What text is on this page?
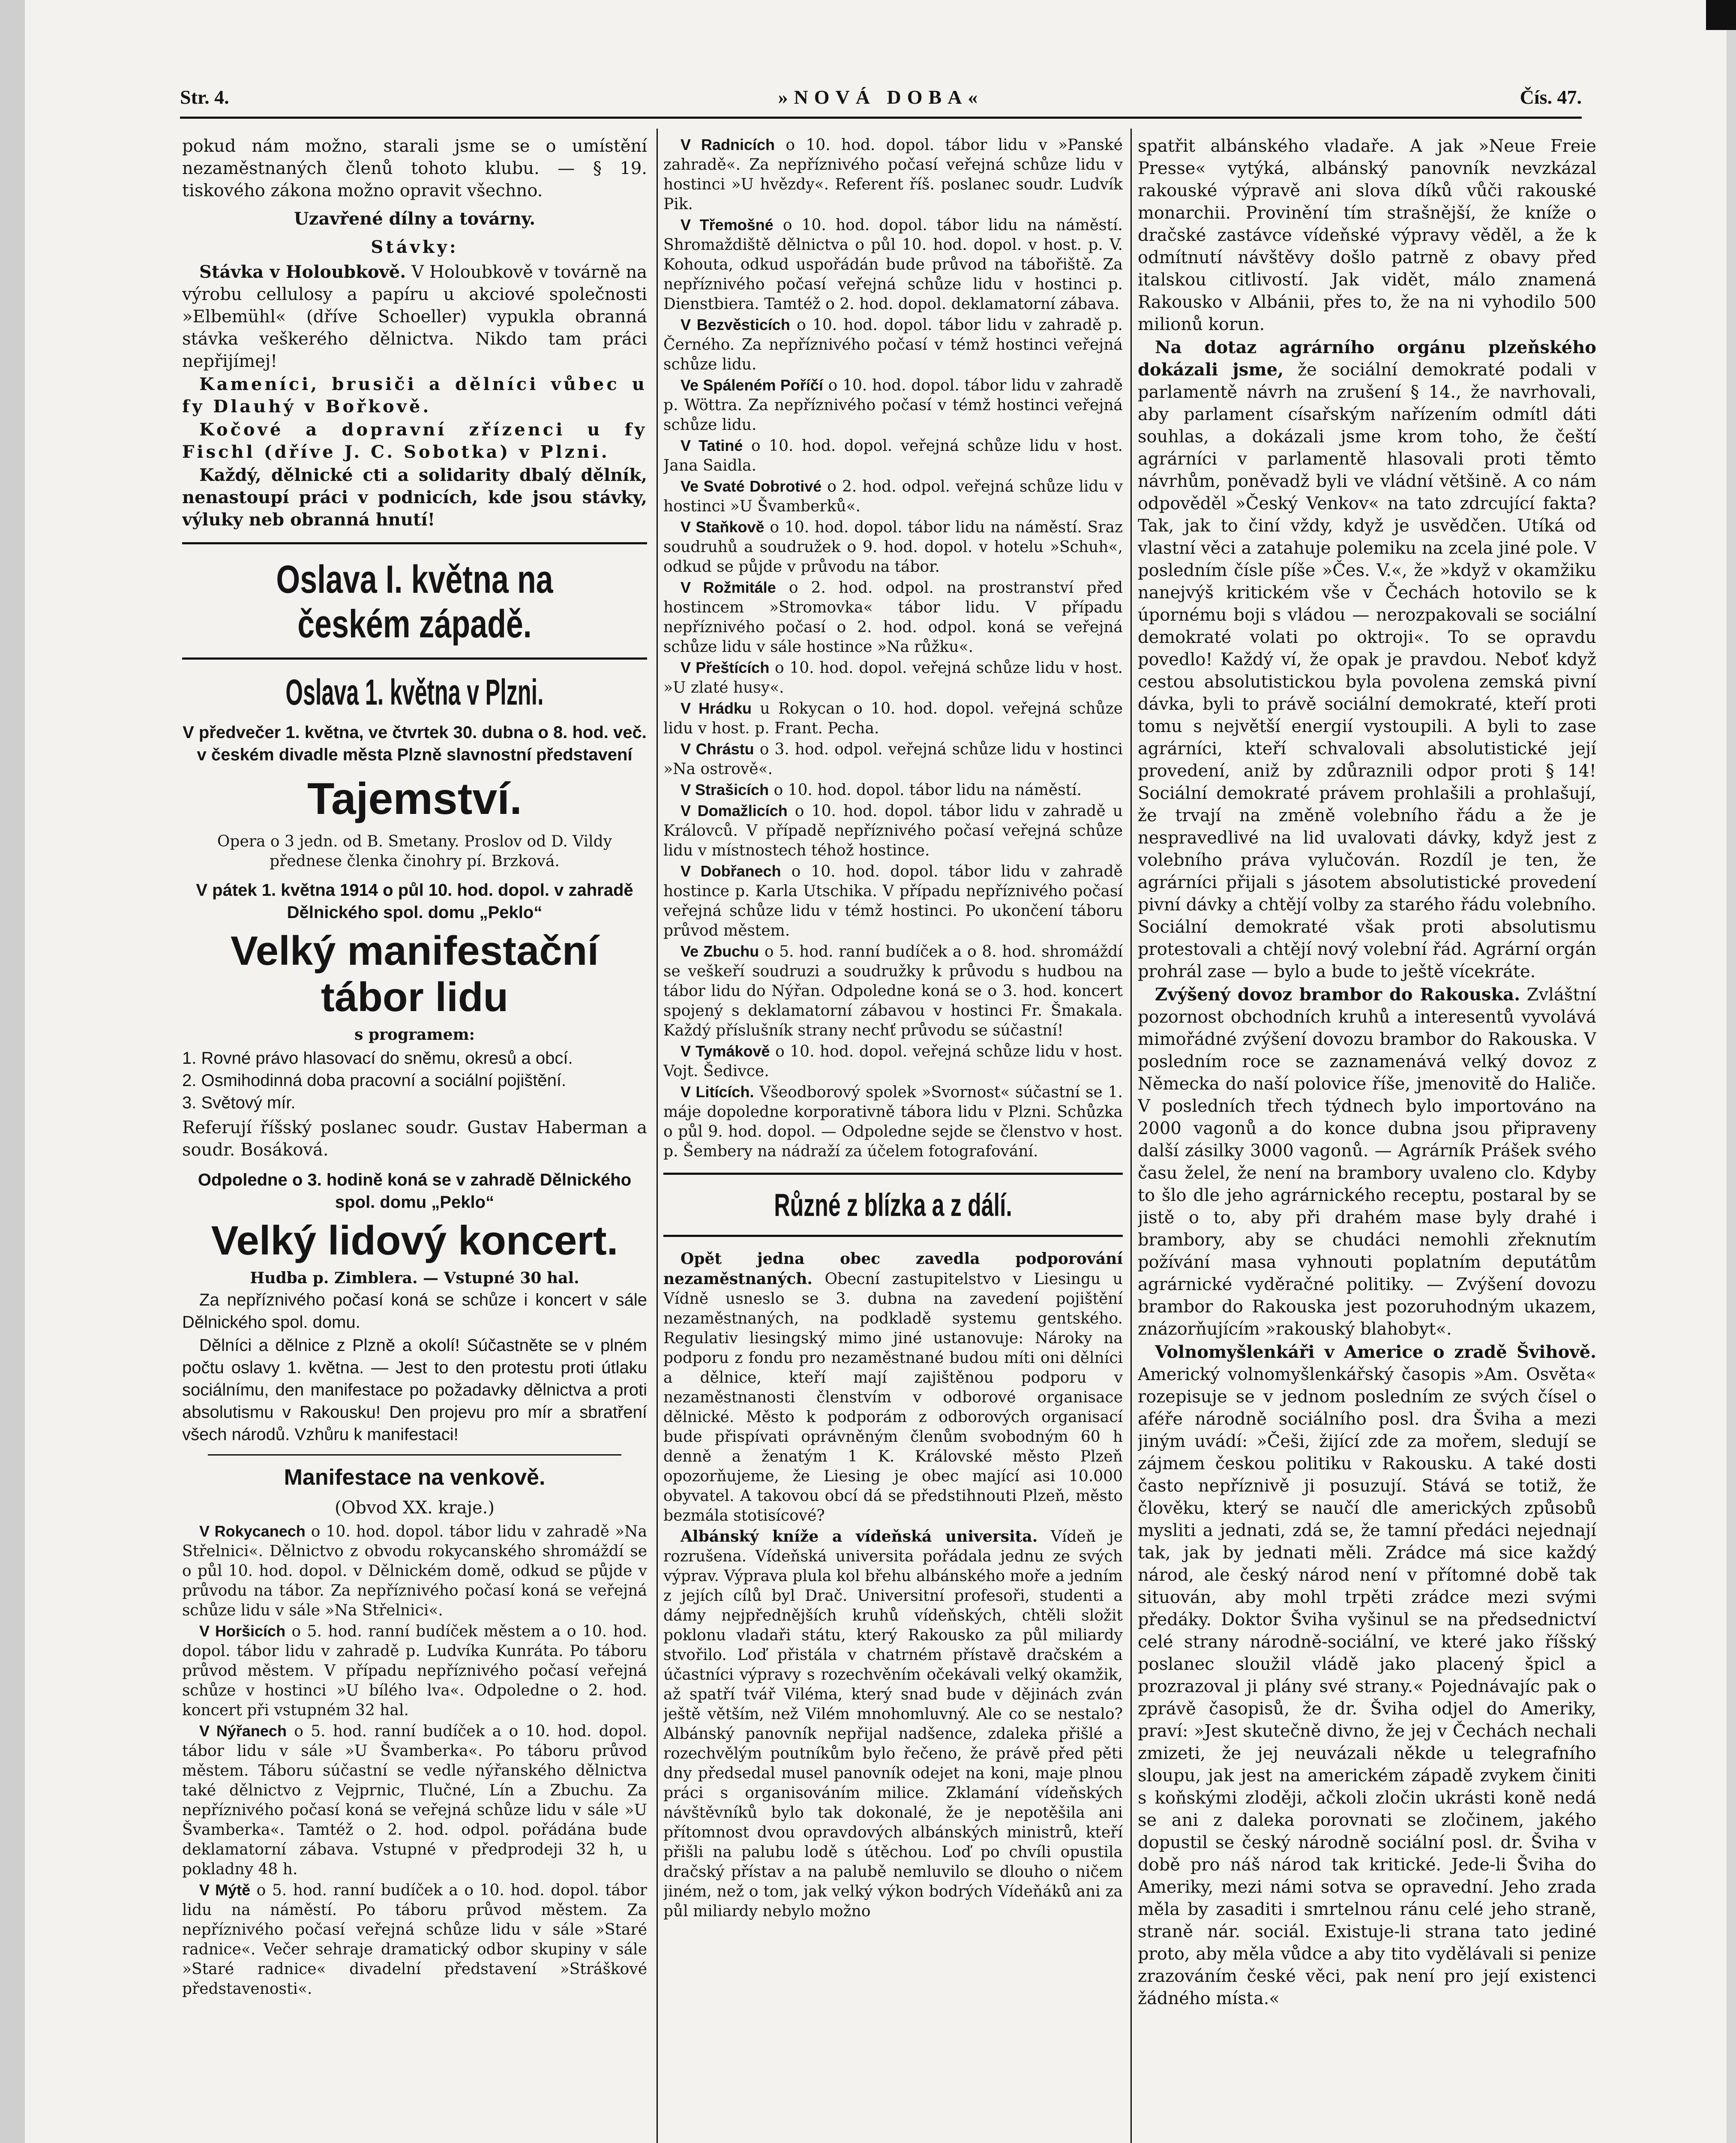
Str. 4.	»NOVÁ DOBA«	Čís. 47.

pokud nám možno, starali jsme se o umístění nezaměstnaných členů tohoto klubu. — § 19. tiskového zákona možno opravit všechno.

Uzavřené dílny a továrny.
Stávky:

Stávka v Holoubkově. V Holoubkově v továrně na výrobu cellulosy a papíru u akciové společnosti »Elbemühl« (dříve Schoeller) vypukla obranná stávka veškerého dělnictva. Nikdo tam práci nepřijímej!

Kameníci, brusiči a dělníci vůbec u fy Dlauhý v Bořkově.

Kočové a dopravní zřízenci u fy Fischl (dříve J. C. Sobotka) v Plzni.

Každý, dělnické cti a solidarity dbalý dělník, nenastoupí práci v podnicích, kde jsou stávky, výluky neb obranná hnutí!

Oslava I. května na českém západě.
Oslava 1. května v Plzni.

V předvečer 1. května, ve čtvrtek 30. dubna o 8. hod. več. v českém divadle města Plzně slavnostní představení

Tajemství.

Opera o 3 jedn. od B. Smetany. Proslov od D. Vildy přednese členka činohry pí. Brzková.

V pátek 1. května 1914 o půl 10. hod. dopol. v zahradě Dělnického spol. domu „Peklo“

Velký manifestační tábor lidu

s programem:

1. Rovné právo hlasovací do sněmu, okresů a obcí.
2. Osmihodinná doba pracovní a sociální pojištění.
3. Světový mír.

Referují říšský poslanec soudr. Gustav Haberman a soudr. Bosáková.

Odpoledne o 3. hodině koná se v zahradě Dělnického spol. domu „Peklo“

Velký lidový koncert.

Hudba p. Zimblera. — Vstupné 30 hal.

Za nepříznivého počasí koná se schůze i koncert v sále Dělnického spol. domu.

Dělníci a dělnice z Plzně a okolí! Súčastněte se v plném počtu oslavy 1. května. — Jest to den protestu proti útlaku sociálnímu, den manifestace po požadavky dělnictva a proti absolutismu v Rakousku! Den projevu pro mír a sbratření všech národů. Vzhůru k manifestaci!

Manifestace na venkově.
(Obvod XX. kraje.)

V Rokycanech o 10. hod. dopol. tábor lidu v zahradě »Na Střelnici«. Dělnictvo z obvodu rokycanského shromáždí se o půl 10. hod. dopol. v Dělnickém domě, odkud se půjde v průvodu na tábor. Za nepříznivého počasí koná se veřejná schůze lidu v sále »Na Střelnici«.

V Horšicích o 5. hod. ranní budíček městem a o 10. hod. dopol. tábor lidu v zahradě p. Ludvíka Kunráta. Po táboru průvod městem. V případu nepříznivého počasí veřejná schůze v hostinci »U bílého lva«. Odpoledne o 2. hod. koncert při vstupném 32 hal.

V Nýřanech o 5. hod. ranní budíček a o 10. hod. dopol. tábor lidu v sále »U Švamberka«. Po táboru průvod městem. Táboru súčastní se vedle nýřanského dělnictva také dělnictvo z Vejprnic, Tlučné, Lín a Zbuchu. Za nepříznivého počasí koná se veřejná schůze lidu v sále »U Švamberka«. Tamtéž o 2. hod. odpol. pořádána bude deklamatorní zábava. Vstupné v předprodeji 32 h, u pokladny 48 h.

V Mýtě o 5. hod. ranní budíček a o 10. hod. dopol. tábor lidu na náměstí. Po táboru průvod městem. Za nepříznivého počasí veřejná schůze lidu v sále »Staré radnice«. Večer sehraje dramatický odbor skupiny v sále »Staré radnice« divadelní představení »Stráškové představenosti«.

V Radnicích o 10. hod. dopol. tábor lidu v »Panské zahradě«. Za nepříznivého počasí veřejná schůze lidu v hostinci »U hvězdy«. Referent říš. poslanec soudr. Ludvík Pik.

V Třemošné o 10. hod. dopol. tábor lidu na náměstí. Shromaždiště dělnictva o půl 10. hod. dopol. v host. p. V. Kohouta, odkud uspořádán bude průvod na tábořiště. Za nepříznivého počasí veřejná schůze lidu v hostinci p. Dienstbiera. Tamtéž o 2. hod. dopol. deklamatorní zábava.

V Bezvěsticích o 10. hod. dopol. tábor lidu v zahradě p. Černého. Za nepříznivého počasí v témž hostinci veřejná schůze lidu.

Ve Spáleném Poříčí o 10. hod. dopol. tábor lidu v zahradě p. Wöttra. Za nepříznivého počasí v témž hostinci veřejná schůze lidu.

V Tatiné o 10. hod. dopol. veřejná schůze lidu v host. Jana Saidla.

Ve Svaté Dobrotivé o 2. hod. odpol. veřejná schůze lidu v hostinci »U Švamberků«.

V Staňkově o 10. hod. dopol. tábor lidu na náměstí. Sraz soudruhů a soudružek o 9. hod. dopol. v hotelu »Schuh«, odkud se půjde v průvodu na tábor.

V Rožmitále o 2. hod. odpol. na prostranství před hostincem »Stromovka« tábor lidu. V případu nepříznivého počasí o 2. hod. odpol. koná se veřejná schůze lidu v sále hostince »Na růžku«.

V Přeštících o 10. hod. dopol. veřejná schůze lidu v host. »U zlaté husy«.

V Hrádku u Rokycan o 10. hod. dopol. veřejná schůze lidu v host. p. Frant. Pecha.

V Chrástu o 3. hod. odpol. veřejná schůze lidu v hostinci »Na ostrově«.

V Strašicích o 10. hod. dopol. tábor lidu na náměstí.

V Domažlicích o 10. hod. dopol. tábor lidu v zahradě u Královců. V případě nepříznivého počasí veřejná schůze lidu v místnostech téhož hostince.

V Dobřanech o 10. hod. dopol. tábor lidu v zahradě hostince p. Karla Utschika. V případu nepříznivého počasí veřejná schůze lidu v témž hostinci. Po ukončení táboru průvod městem.

Ve Zbuchu o 5. hod. ranní budíček a o 8. hod. shromáždí se veškeří soudruzi a soudružky k průvodu s hudbou na tábor lidu do Nýřan. Odpoledne koná se o 3. hod. koncert spojený s deklamatorní zábavou v hostinci Fr. Šmakala. Každý příslušník strany nechť průvodu se súčastní!

V Tymákově o 10. hod. dopol. veřejná schůze lidu v host. Vojt. Šedivce.

V Litících. Všeodborový spolek »Svornost« súčastní se 1. máje dopoledne korporativně tábora lidu v Plzni. Schůzka o půl 9. hod. dopol. — Odpoledne sejde se členstvo v host. p. Šembery na nádraží za účelem fotografování.

Různé z blízka a z dálí.

Opět jedna obec zavedla podporování nezaměstnaných. Obecní zastupitelstvo v Liesingu u Vídně usneslo se 3. dubna na zavedení pojištění nezaměstnaných, na podkladě systemu gentského. Regulativ liesingský mimo jiné ustanovuje: Nároky na podporu z fondu pro nezaměstnané budou míti oni dělníci a dělnice, kteří mají zajištěnou podporu v nezaměstnanosti členstvím v odborové organisace dělnické. Město k podporám z odborových organisací bude přispívati oprávněným členům svobodným 60 h denně a ženatým 1 K. Královské město Plzeň opozorňujeme, že Liesing je obec mající asi 10.000 obyvatel. A takovou obcí dá se předstihnouti Plzeň, město bezmála stotisícové?

Albánský kníže a vídeňská universita. Vídeň je rozrušena. Vídeňská universita pořádala jednu ze svých výprav. Výprava plula kol břehu albánského moře a jedním z jejích cílů byl Drač. Universitní profesoři, studenti a dámy nejpřednějších kruhů vídeňských, chtěli složit poklonu vladaři státu, který Rakousko za půl miliardy stvořilo. Loď přistála v chatrném přístavě dračském a účastníci výpravy s rozechvěním očekávali velký okamžik, až spatří tvář Viléma, který snad bude v dějinách zván ještě větším, než Vilém mnohomluvný. Ale co se nestalo? Albánský panovník nepřijal nadšence, zdaleka přišlé a rozechvělým poutníkům bylo řečeno, že právě před pěti dny předsedal musel panovník odejet na koni, maje plnou práci s organisováním milice. Zklamání vídeňských návštěvníků bylo tak dokonalé, že je nepotěšila ani přítomnost dvou opravdových albánských ministrů, kteří přišli na palubu lodě s útěchou. Loď po chvíli opustila dračský přístav a na palubě nemluvilo se dlouho o ničem jiném, než o tom, jak velký výkon bodrých Vídeňáků ani za půl miliardy nebylo možno

spatřit albánského vladaře. A jak »Neue Freie Presse« vytýká, albánský panovník nevzkázal rakouské výpravě ani slova díků vůči rakouské monarchii. Provinění tím strašnější, že kníže o dračské zastávce vídeňské výpravy věděl, a že k odmítnutí návštěvy došlo patrně z obavy před italskou citlivostí. Jak vidět, málo znamená Rakousko v Albánii, přes to, že na ni vyhodilo 500 milionů korun.

Na dotaz agrárního orgánu plzeňského dokázali jsme, že sociální demokraté podali v parlamentě návrh na zrušení § 14., že navrhovali, aby parlament císařským nařízením odmítl dáti souhlas, a dokázali jsme krom toho, že čeští agrárníci v parlamentě hlasovali proti těmto návrhům, poněvadž byli ve vládní většině. A co nám odpověděl »Český Venkov« na tato zdrcující fakta? Tak, jak to činí vždy, když je usvědčen. Utíká od vlastní věci a zatahuje polemiku na zcela jiné pole. V posledním čísle píše »Čes. V.«, že »když v okamžiku nanejvýš kritickém vše v Čechách hotovilo se k úpornému boji s vládou — nerozpakovali se sociální demokraté volati po oktroji«. To se opravdu povedlo! Každý ví, že opak je pravdou. Neboť když cestou absolutistickou byla povolena zemská pivní dávka, byli to právě sociální demokraté, kteří proti tomu s největší energií vystoupili. A byli to zase agrárníci, kteří schvalovali absolutistické její provedení, aniž by zdůraznili odpor proti § 14! Sociální demokraté právem prohlašili a prohlašují, že trvají na změně volebního řádu a že je nespravedlivé na lid uvalovati dávky, když jest z volebního práva vylučován. Rozdíl je ten, že agrárníci přijali s jásotem absolutistické provedení pivní dávky a chtějí volby za starého řádu volebního. Sociální demokraté však proti absolutismu protestovali a chtějí nový volební řád. Agrární orgán prohrál zase — bylo a bude to ještě vícekráte.

Zvýšený dovoz brambor do Rakouska. Zvláštní pozornost obchodních kruhů a interesentů vyvolává mimořádné zvýšení dovozu brambor do Rakouska. V posledním roce se zaznamenává velký dovoz z Německa do naší polovice říše, jmenovitě do Haliče. V posledních třech týdnech bylo importováno na 2000 vagonů a do konce dubna jsou připraveny další zásilky 3000 vagonů. — Agrárník Prášek svého času želel, že není na brambory uvaleno clo. Kdyby to šlo dle jeho agrárnického receptu, postaral by se jistě o to, aby při drahém mase byly drahé i brambory, aby se chudáci nemohli zřeknutím požívání masa vyhnouti poplatním deputátům agrárnické vyděračné politiky. — Zvýšení dovozu brambor do Rakouska jest pozoruhodným ukazem, znázorňujícím »rakouský blahobyt«.

Volnomyšlenkáři v Americe o zradě Švihově. Americký volnomyšlenkářský časopis »Am. Osvěta« rozepisuje se v jednom posledním ze svých čísel o aféře národně sociálního posl. dra Šviha a mezi jiným uvádí: »Češi, žijící zde za mořem, sledují se zájmem českou politiku v Rakousku. A také dosti často nepříznivě ji posuzují. Stává se totiž, že člověku, který se naučí dle amerických způsobů mysliti a jednati, zdá se, že tamní předáci nejednají tak, jak by jednati měli. Zrádce má sice každý národ, ale český národ není v přítomné době tak situován, aby mohl trpěti zrádce mezi svými předáky. Doktor Šviha vyšinul se na předsednictví celé strany národně-sociální, ve které jako říšský poslanec sloužil vládě jako placený špicl a prozrazoval ji plány své strany.« Pojednávajíc pak o zprávě časopisů, že dr. Šviha odjel do Ameriky, praví: »Jest skutečně divno, že jej v Čechách nechali zmizeti, že jej neuvázali někde u telegrafního sloupu, jak jest na americkém západě zvykem činiti s koňskými zloději, ačkoli zločin ukrásti koně nedá se ani z daleka porovnati se zločinem, jakého dopustil se český národně sociální posl. dr. Šviha v době pro náš národ tak kritické. Jede-li Šviha do Ameriky, mezi námi sotva se opravední. Jeho zrada měla by zasaditi i smrtelnou ránu celé jeho straně, straně nár. sociál. Existuje-li strana tato jediné proto, aby měla vůdce a aby tito vydělávali si penize zrazováním české věci, pak není pro její existenci žádného místa.«
